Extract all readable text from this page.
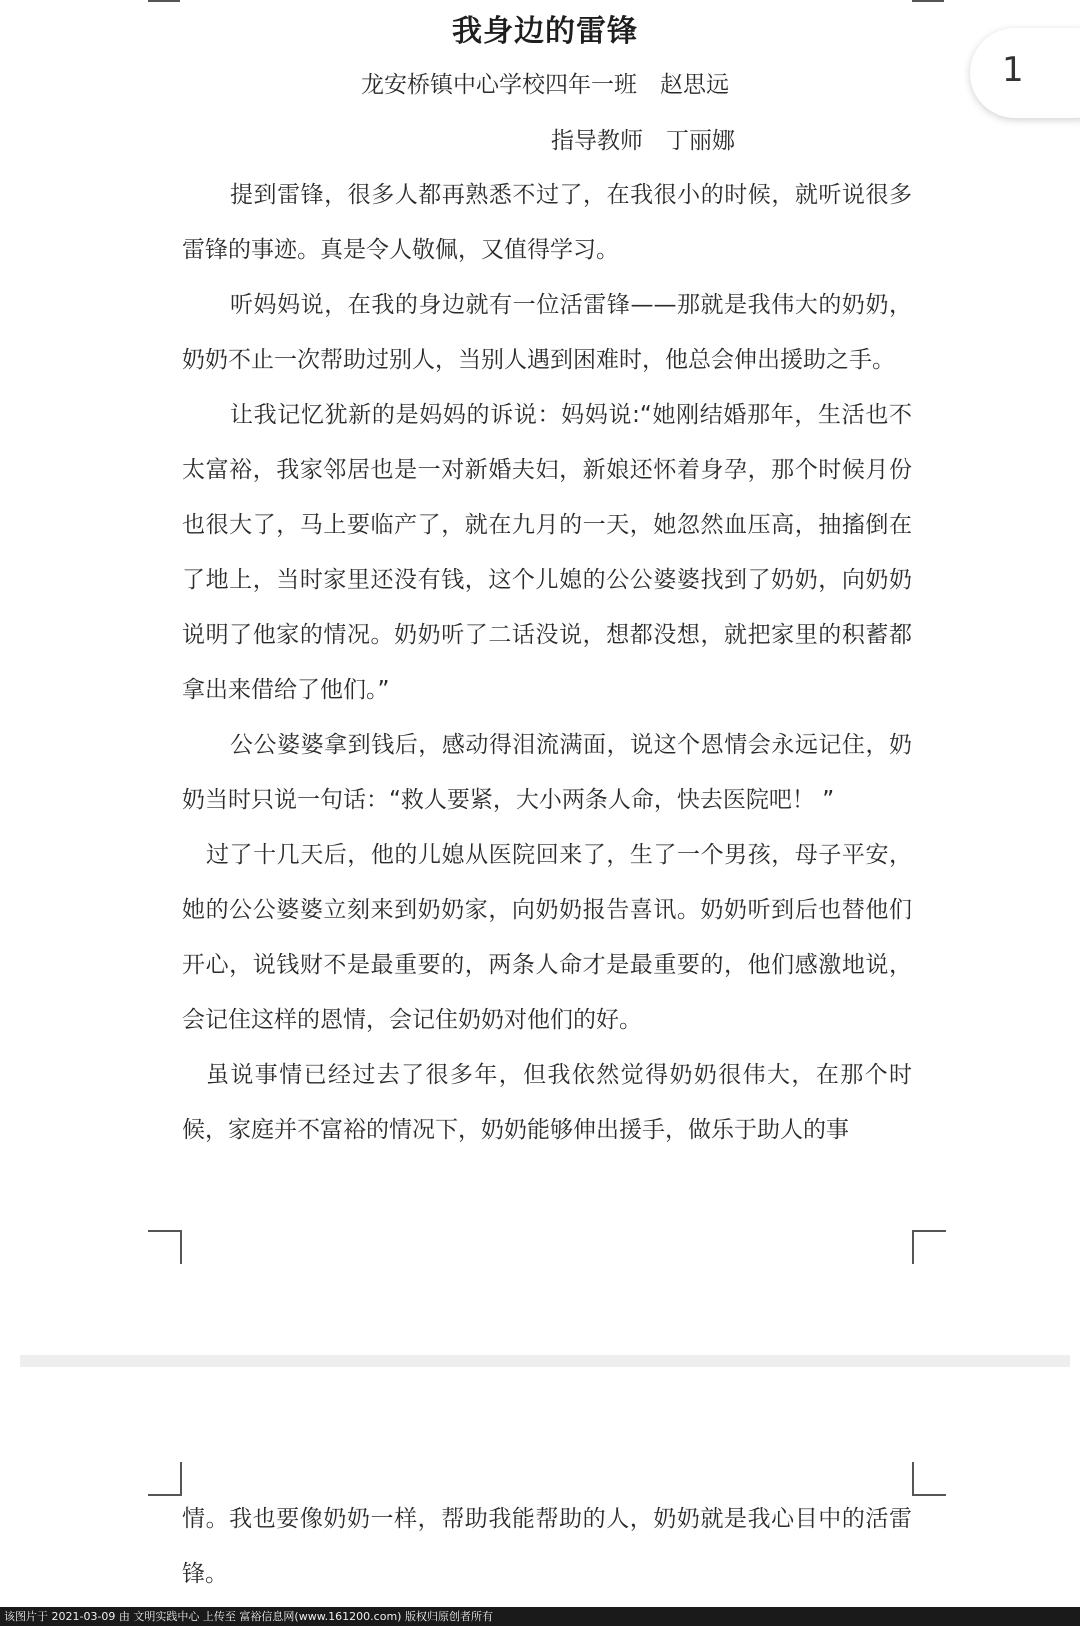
1
我身边的雷锋
龙安桥镇中心学校四年一班　赵思远
指导教师　丁丽娜

提到雷锋，很多人都再熟悉不过了，在我很小的时候，就听说很多雷锋的事迹。真是令人敬佩，又值得学习。

听妈妈说，在我的身边就有一位活雷锋——那就是我伟大的奶奶，奶奶不止一次帮助过别人，当别人遇到困难时，他总会伸出援助之手。

让我记忆犹新的是妈妈的诉说：妈妈说:“她刚结婚那年，生活也不太富裕，我家邻居也是一对新婚夫妇，新娘还怀着身孕，那个时候月份也很大了，马上要临产了，就在九月的一天，她忽然血压高，抽搐倒在了地上，当时家里还没有钱，这个儿媳的公公婆婆找到了奶奶，向奶奶说明了他家的情况。奶奶听了二话没说，想都没想，就把家里的积蓄都拿出来借给了他们。”

公公婆婆拿到钱后，感动得泪流满面，说这个恩情会永远记住，奶奶当时只说一句话：“救人要紧，大小两条人命，快去医院吧！ ”

过了十几天后，他的儿媳从医院回来了，生了一个男孩，母子平安，她的公公婆婆立刻来到奶奶家，向奶奶报告喜讯。奶奶听到后也替他们开心，说钱财不是最重要的，两条人命才是最重要的，他们感激地说，会记住这样的恩情，会记住奶奶对他们的好。

虽说事情已经过去了很多年，但我依然觉得奶奶很伟大，在那个时候，家庭并不富裕的情况下，奶奶能够伸出援手，做乐于助人的事

情。我也要像奶奶一样，帮助我能帮助的人，奶奶就是我心目中的活雷锋。

该图片于 2021-03-09 由 文明实践中心 上传至 富裕信息网(www.161200.com) 版权归原创者所有
